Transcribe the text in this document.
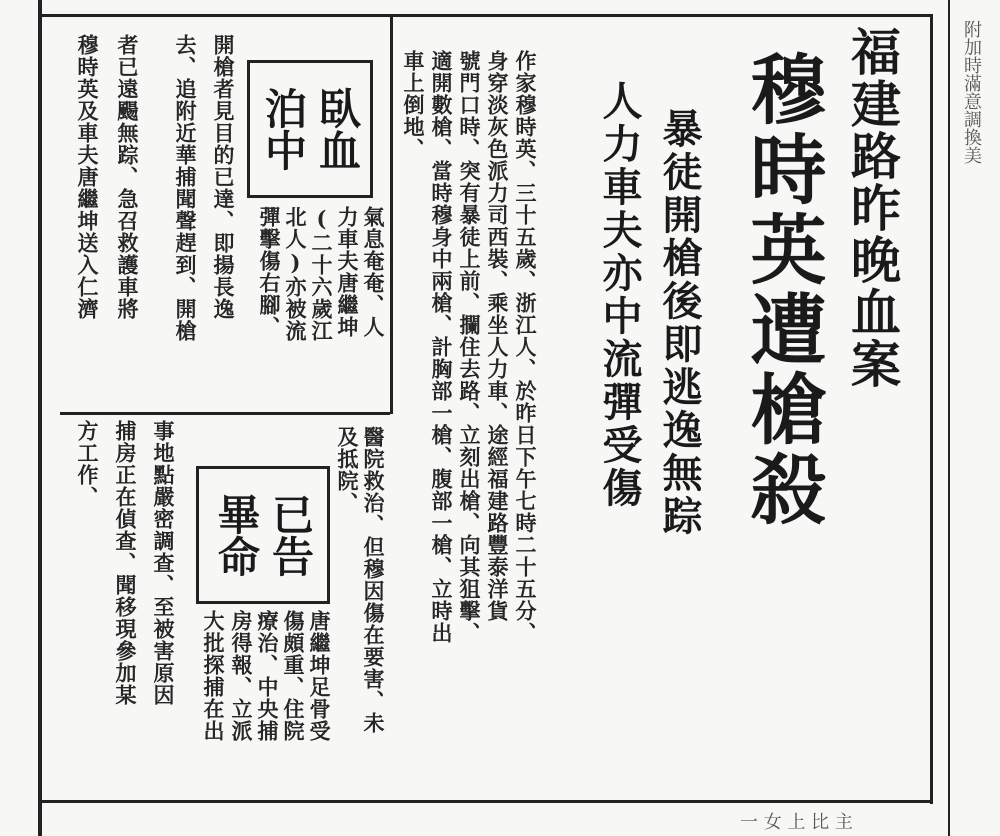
福建路昨晚血案
穆時英遭槍殺
暴徒開槍後即逃逸無踪
人力車夫亦中流彈受傷
車上倒地、 適開數槍、當時穆身中兩槍、計胸部一槍、腹部一槍、立時出 號門口時、突有暴徒上前、攔住去路、立刻出槍、向其狙擊、 身穿淡灰色派力司西裝、乘坐人力車、途經福建路豐泰洋貨 作家穆時英、三十五歲、浙江人、於昨日下午七時二十五分、
臥血
泊中
氣息奄奄、人
力車夫唐繼坤
(二十六歲江
北人)亦被流
彈擊傷右腳、
開槍者見目的已達、即揚長逸
去、追附近華捕聞聲趕到、開槍
者已遠颺無踪、急召救護車將
穆時英及車夫唐繼坤送入仁濟
醫院救治、但穆因傷在要害、未
及抵院、
已告
畢命
唐繼坤足骨受
傷頗重、住院
療治、中央捕
房得報、立派
大批探捕在出
事地點嚴密調查、至被害原因
捕房正在偵查、聞移現參加某
方工作、
附加時滿意調換美
一 女 上 比 主
